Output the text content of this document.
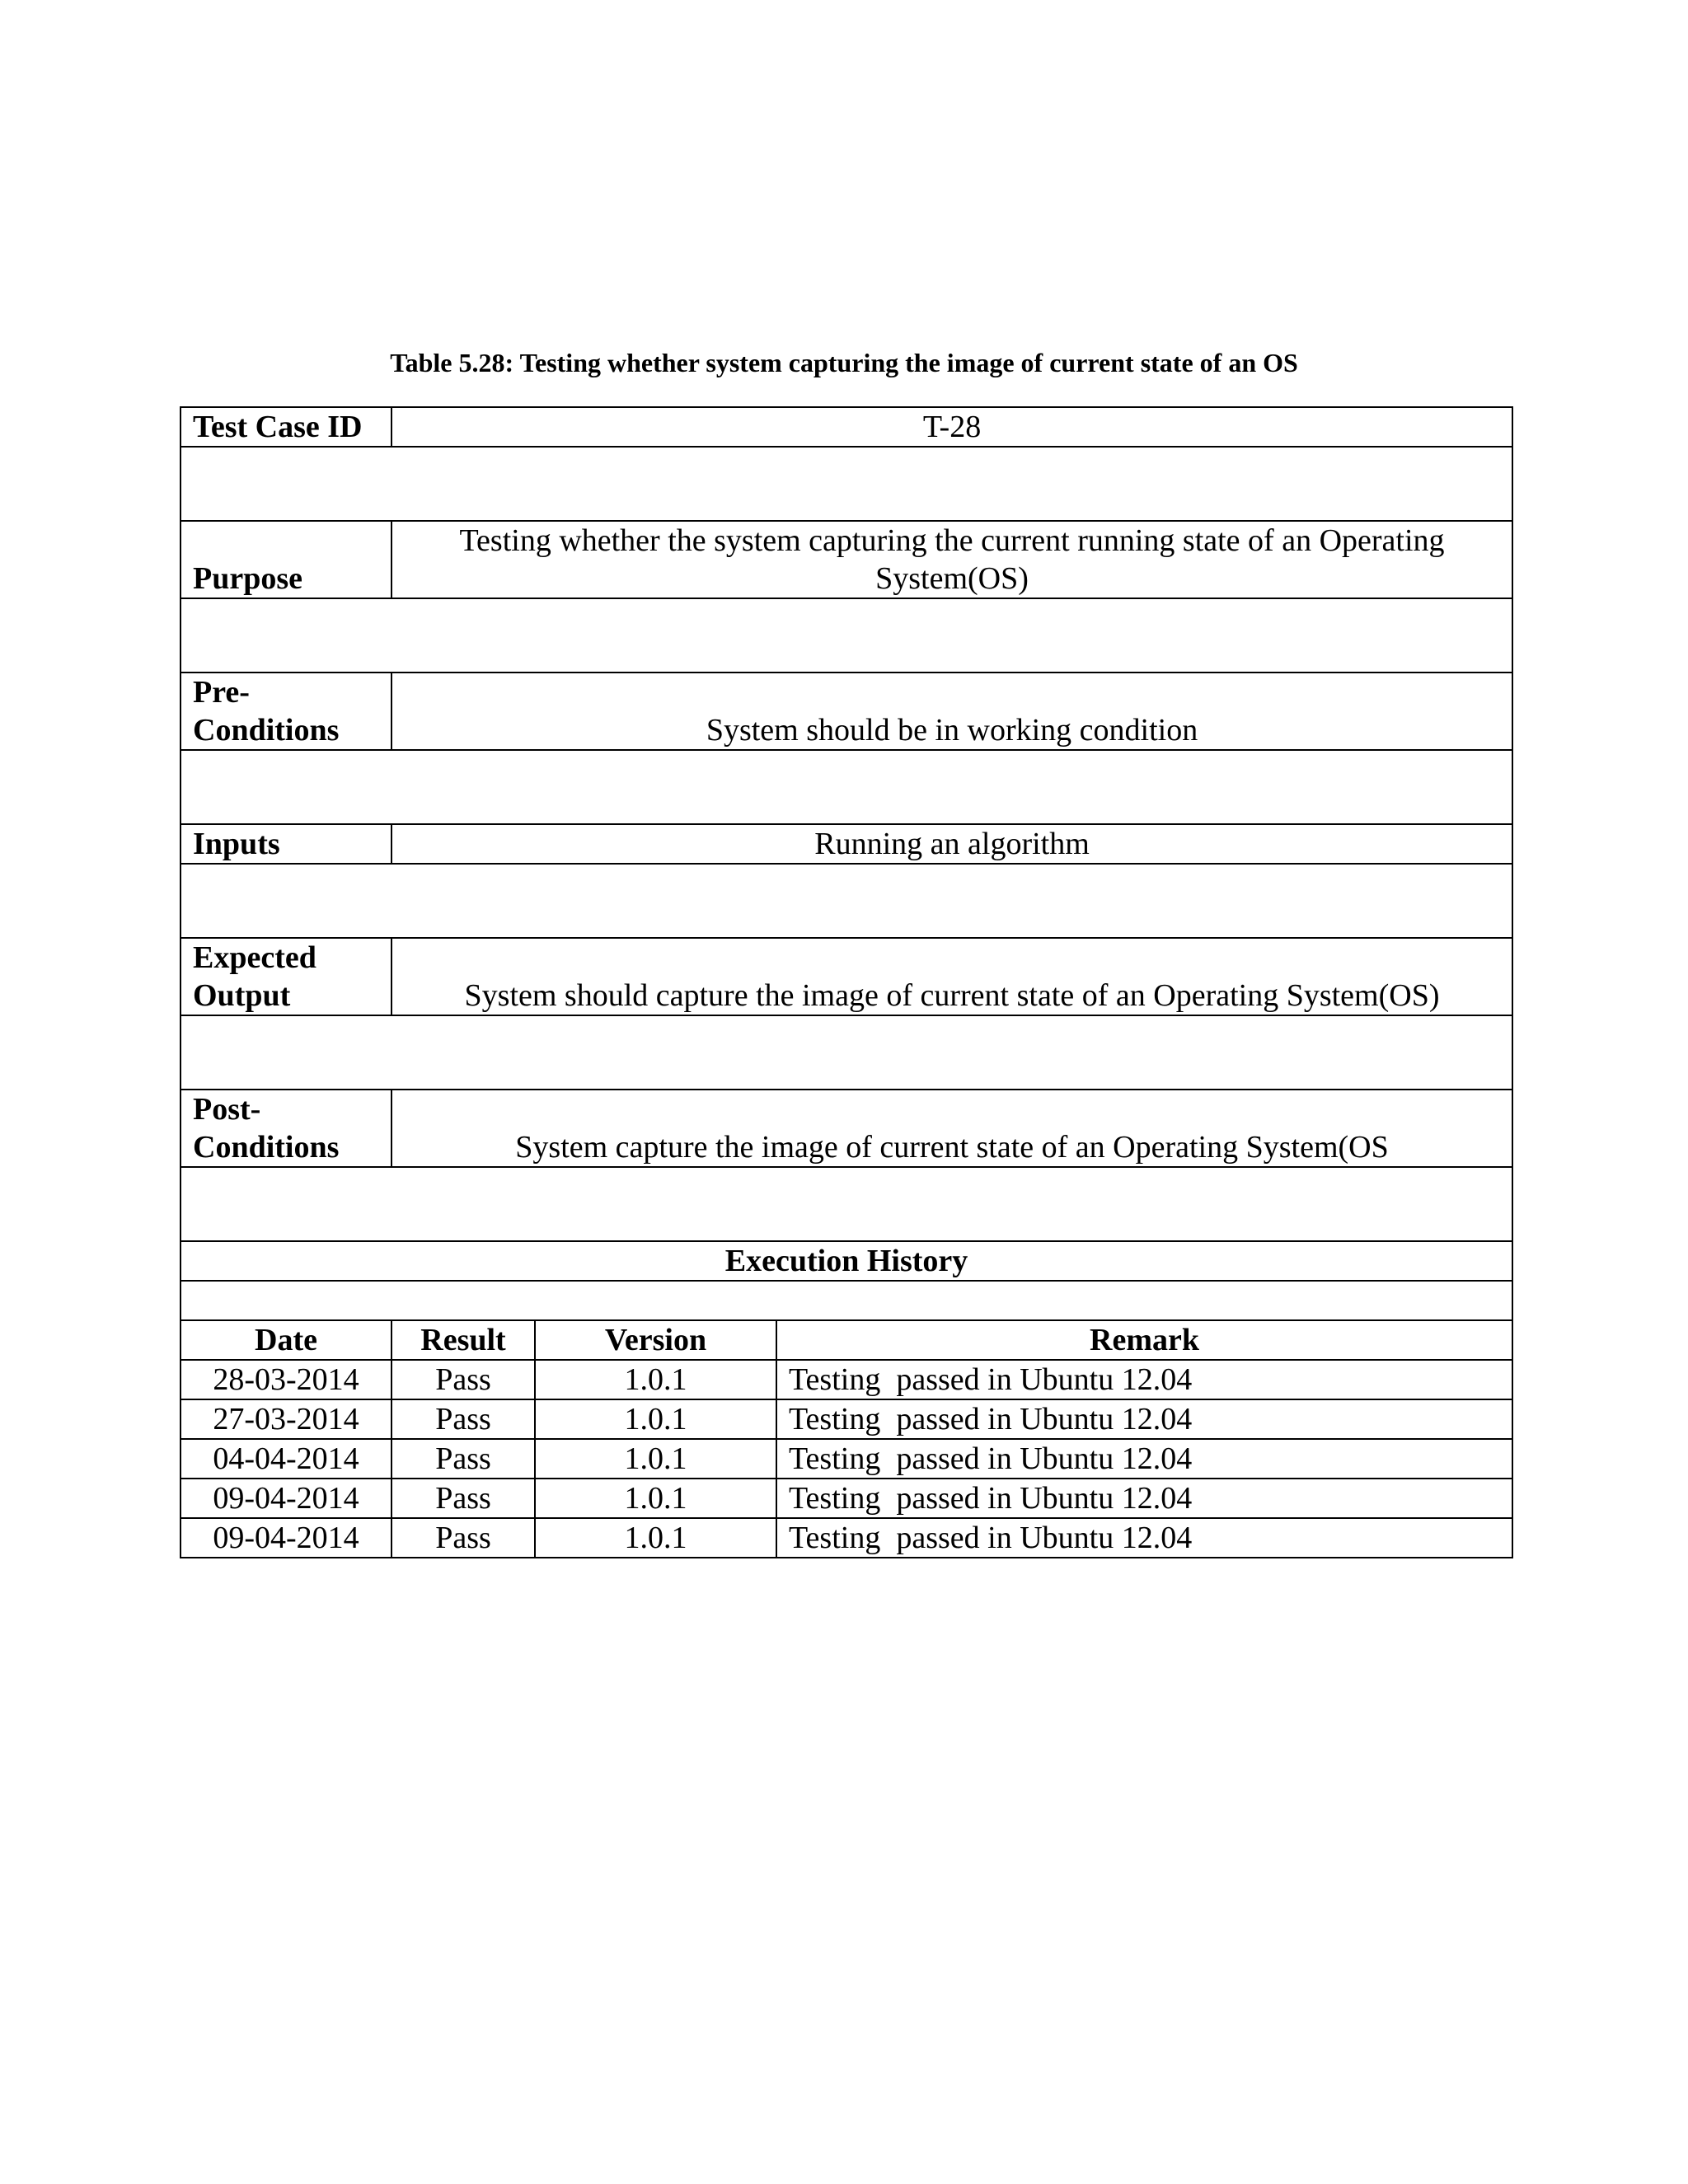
Table 5.28: Testing whether system capturing the image of current state of an OS
Test Case ID	T-28		

Purpose	Testing whether the system capturing the current running state of an Operating System(OS)		

Pre-
Conditions	System should be in working condition		

Inputs	Running an algorithm		

Expected
Output	System should capture the image of current state of an Operating System(OS)		

Post-
Conditions	System capture the image of current state of an Operating System(OS		

Execution History			

Date	Result	Version	Remark
28-03-2014	Pass	1.0.1	Testing  passed in Ubuntu 12.04
27-03-2014	Pass	1.0.1	Testing  passed in Ubuntu 12.04
04-04-2014	Pass	1.0.1	Testing  passed in Ubuntu 12.04
09-04-2014	Pass	1.0.1	Testing  passed in Ubuntu 12.04
09-04-2014	Pass	1.0.1	Testing  passed in Ubuntu 12.04
